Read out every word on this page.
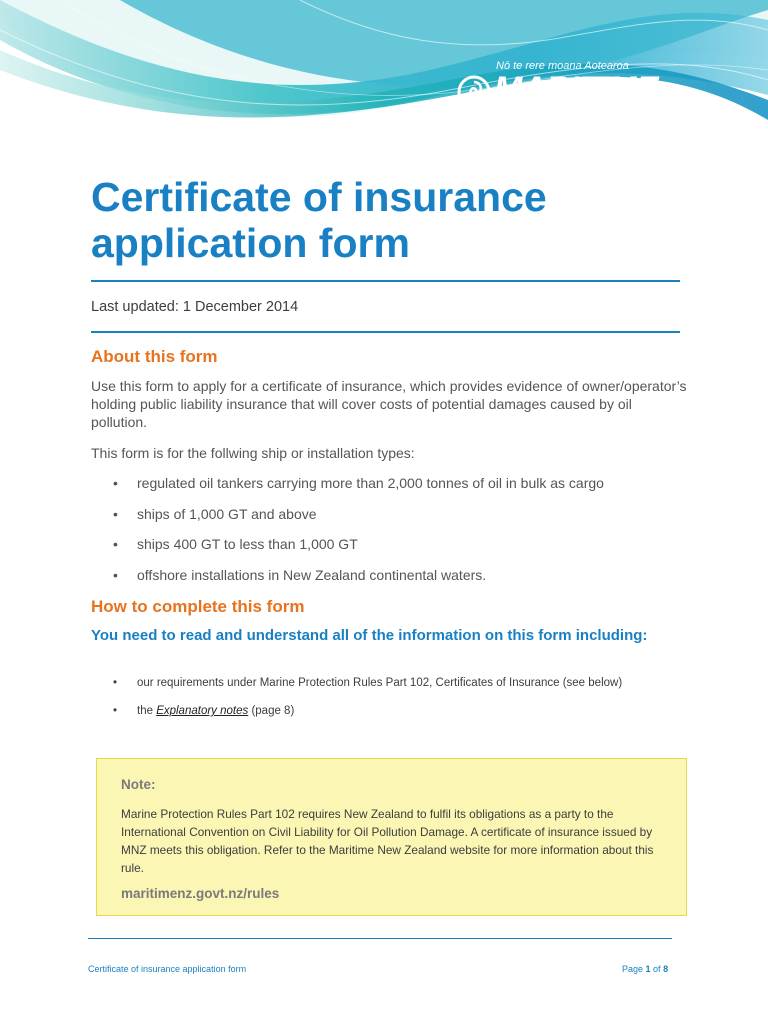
Nō te rere moana Aotearoa
MARITIME
NEW ZEALAND
Certificate of insurance application form
Last updated: 1 December 2014
About this form

Use this form to apply for a certificate of insurance, which provides evidence of owner/operator’s holding public liability insurance that will cover costs of potential damages caused by oil pollution.

This form is for the follwing ship or installation types:

• regulated oil tankers carrying more than 2,000 tonnes of oil in bulk as cargo
• ships of 1,000 GT and above
• ships 400 GT to less than 1,000 GT
• offshore installations in New Zealand continental waters.
How to complete this form
You need to read and understand all of the information on this form including:
• our requirements under Marine Protection Rules Part 102, Certificates of Insurance (see below)
• the Explanatory notes (page 8)
Note:

Marine Protection Rules Part 102 requires New Zealand to fulfil its obligations as a party to the International Convention on Civil Liability for Oil Pollution Damage. A certificate of insurance issued by MNZ meets this obligation. Refer to the Maritime New Zealand website for more information about this rule.

maritimenz.govt.nz/rules
Certificate of insurance application form	Page 1 of 8
